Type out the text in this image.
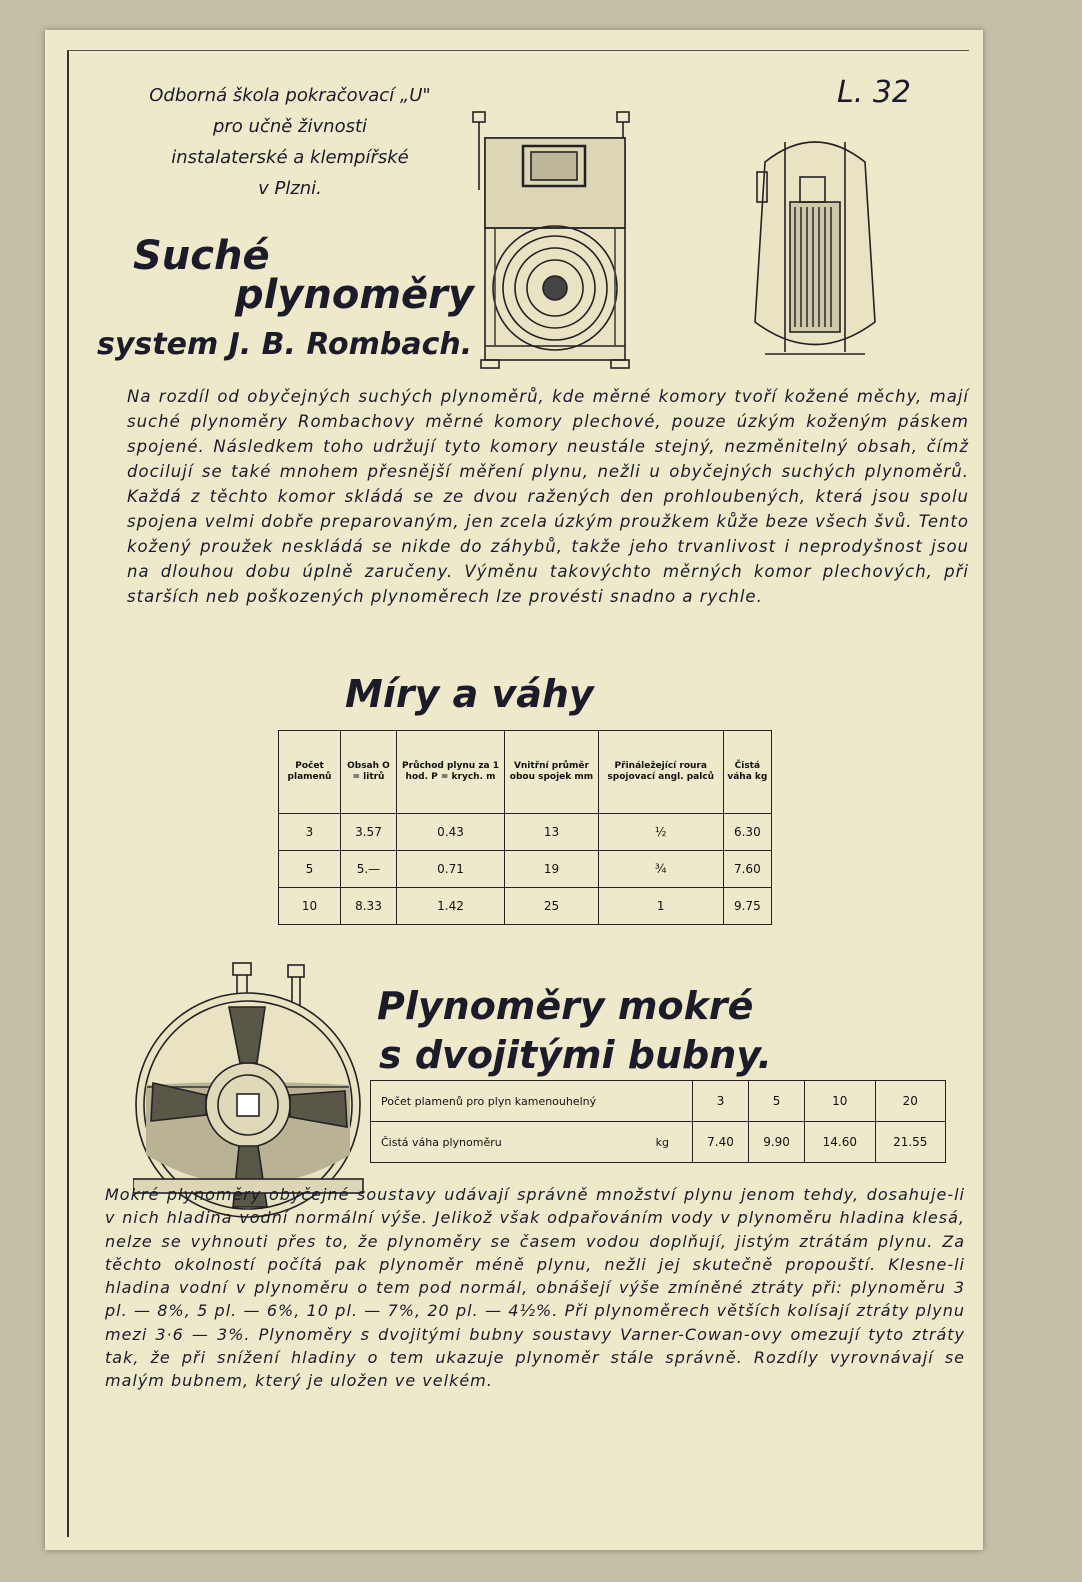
Odborná škola pokračovací „U"
pro učně živnosti
instalaterské a klempířské
v Plzni.
L. 32
Suché
plynoměry
system J. B. Rombach.
Na rozdíl od obyčejných suchých plynoměrů, kde měrné komory tvoří kožené měchy, mají suché plynoměry Rombachovy měrné komory plechové, pouze úzkým koženým páskem spojené. Následkem toho udržují tyto komory neustále stejný, nezměnitelný obsah, čímž docilují se také mnohem přesnější měření plynu, nežli u obyčejných suchých plynoměrů. Každá z těchto komor skládá se ze dvou ražených den prohloubených, která jsou spolu spojena velmi dobře preparovaným, jen zcela úzkým proužkem kůže beze všech švů. Tento kožený proužek neskládá se nikde do záhybů, takže jeho trvanlivost i neprodyšnost jsou na dlouhou dobu úplně zaručeny. Výměnu takovýchto měrných komor plechových, při starších neb poškozených plynoměrech lze provésti snadno a rychle.
Míry a váhy
Počet plamenů	Obsah O = litrů	Průchod plynu za 1 hod. P = krych. m	Vnitřní průměr obou spojek mm	Přináležející roura spojovací angl. palců	Čistá váha kg
3	3.57	0.43	13	½	6.30
5	5.—	0.71	19	¾	7.60
10	8.33	1.42	25	1	9.75
Plynoměry mokré
s dvojitými bubny.
Počet plamenů pro plyn kamenouhelný	3	5	10	20
Čistá váha plynoměru kg	7.40	9.90	14.60	21.55
Mokré plynoměry obyčejné soustavy udávají správně množství plynu jenom tehdy, dosahuje-li v nich hladina vodní normální výše. Jelikož však odpařováním vody v plynoměru hladina klesá, nelze se vyhnouti přes to, že plynoměry se časem vodou doplňují, jistým ztrátám plynu. Za těchto okolností počítá pak plynoměr méně plynu, nežli jej skutečně propouští. Klesne-li hladina vodní v plynoměru o tem pod normál, obnášejí výše zmíněné ztráty při: plynoměru 3 pl. — 8%, 5 pl. — 6%, 10 pl. — 7%, 20 pl. — 4½%. Při plynoměrech větších kolísají ztráty plynu mezi 3·6 — 3%. Plynoměry s dvojitými bubny soustavy Varner-Cowan-ovy omezují tyto ztráty tak, že při snížení hladiny o tem ukazuje plynoměr stále správně. Rozdíly vyrovnávají se malým bubnem, který je uložen ve velkém.
